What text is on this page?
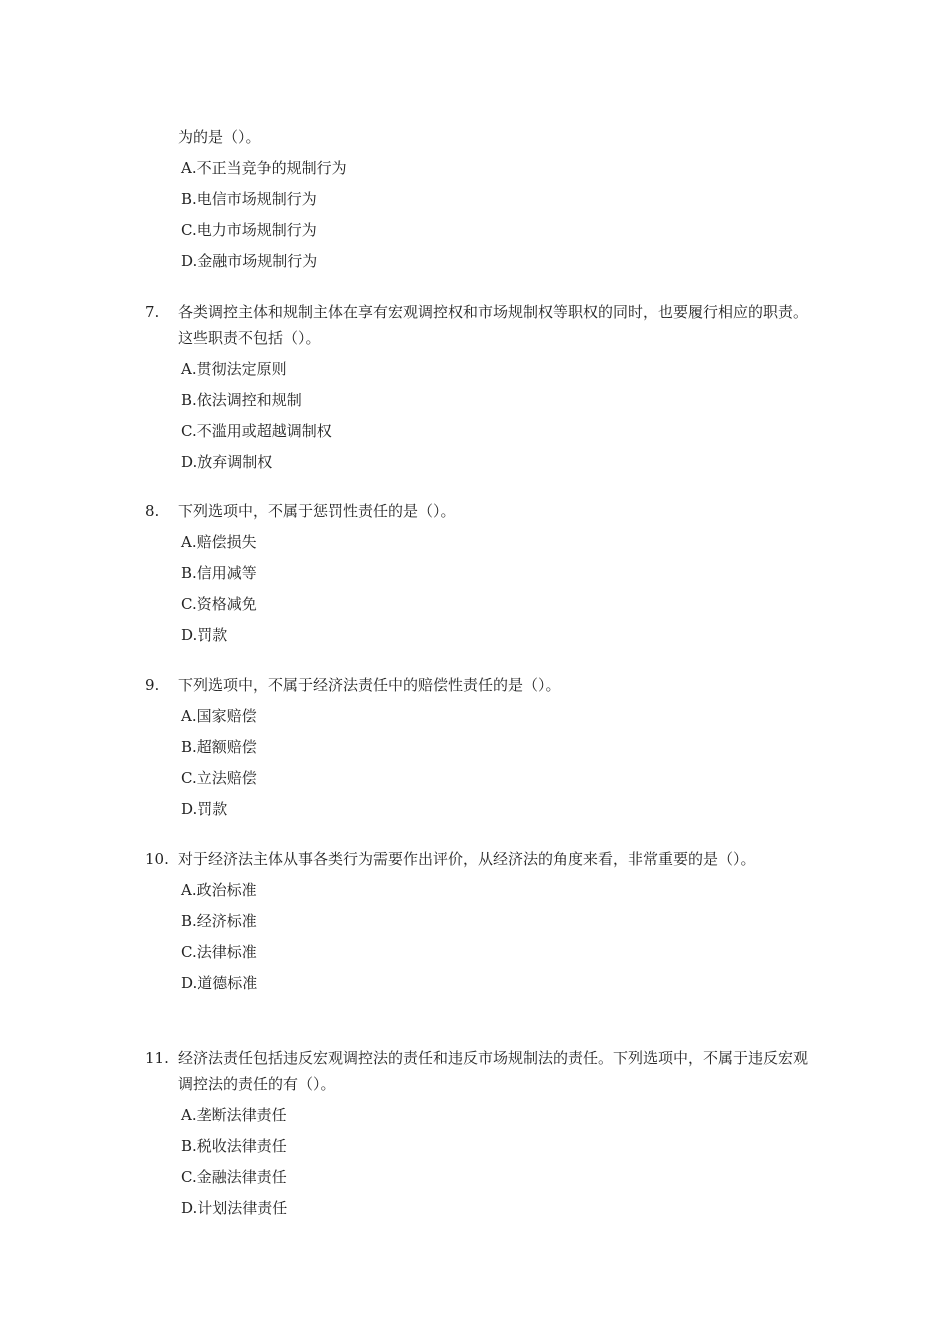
为的是（）。
A.不正当竞争的规制行为
B.电信市场规制行为
C.电力市场规制行为
D.金融市场规制行为
7. 各类调控主体和规制主体在享有宏观调控权和市场规制权等职权的同时，也要履行相应的职责。这些职责不包括（）。
A.贯彻法定原则
B.依法调控和规制
C.不滥用或超越调制权
D.放弃调制权
8. 下列选项中，不属于惩罚性责任的是（）。
A.赔偿损失
B.信用减等
C.资格减免
D.罚款
9. 下列选项中，不属于经济法责任中的赔偿性责任的是（）。
A.国家赔偿
B.超额赔偿
C.立法赔偿
D.罚款
10. 对于经济法主体从事各类行为需要作出评价，从经济法的角度来看，非常重要的是（）。
A.政治标准
B.经济标准
C.法律标准
D.道德标准
11. 经济法责任包括违反宏观调控法的责任和违反市场规制法的责任。下列选项中，不属于违反宏观调控法的责任的有（）。
A.垄断法律责任
B.税收法律责任
C.金融法律责任
D.计划法律责任
